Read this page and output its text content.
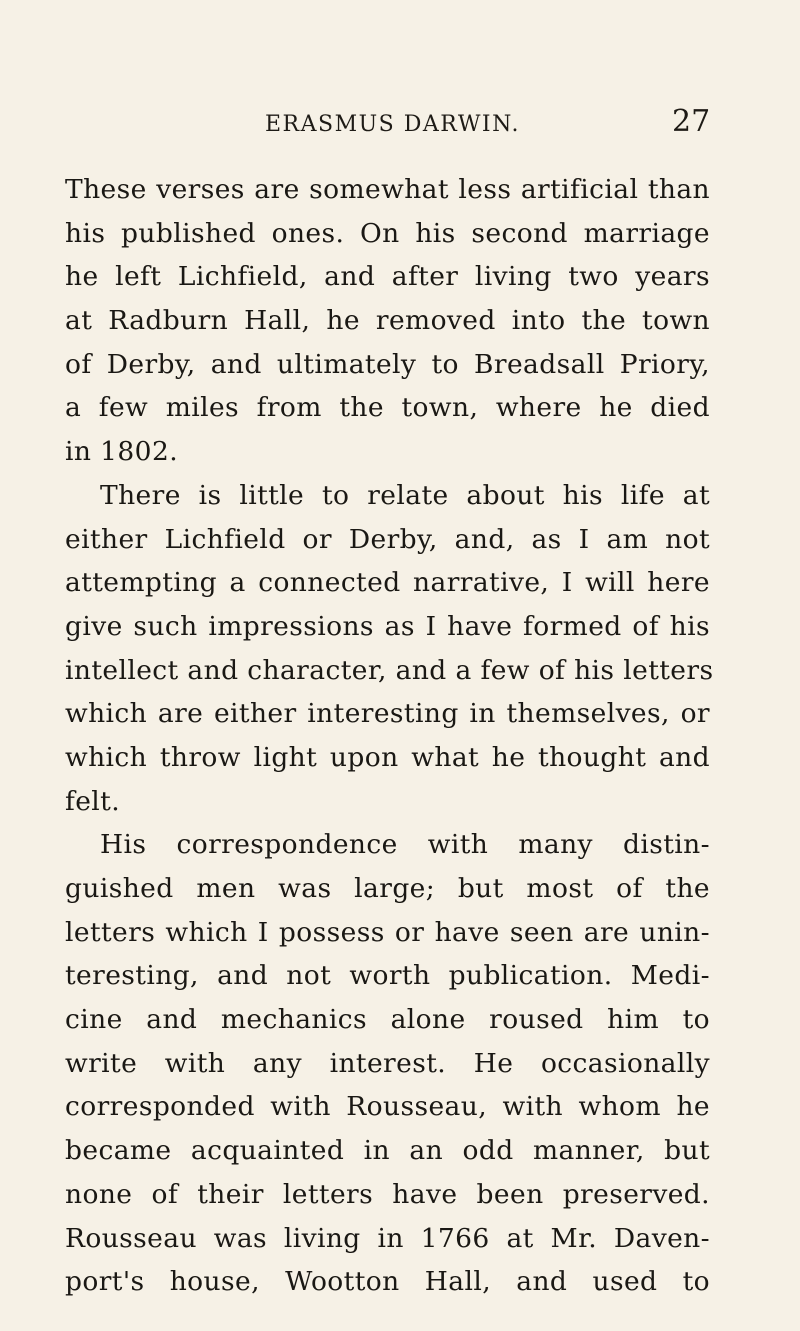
ERASMUS DARWIN.	27
These verses are somewhat less artificial than
his published ones. On his second marriage
he left Lichfield, and after living two years
at Radburn Hall, he removed into the town
of Derby, and ultimately to Breadsall Priory,
a few miles from the town, where he died
in 1802.
There is little to relate about his life at
either Lichfield or Derby, and, as I am not
attempting a connected narrative, I will here
give such impressions as I have formed of his
intellect and character, and a few of his letters
which are either interesting in themselves, or
which throw light upon what he thought and
felt.
His correspondence with many distin-
guished men was large; but most of the
letters which I possess or have seen are unin-
teresting, and not worth publication. Medi-
cine and mechanics alone roused him to
write with any interest. He occasionally
corresponded with Rousseau, with whom he
became acquainted in an odd manner, but
none of their letters have been preserved.
Rousseau was living in 1766 at Mr. Daven-
port's house, Wootton Hall, and used to
